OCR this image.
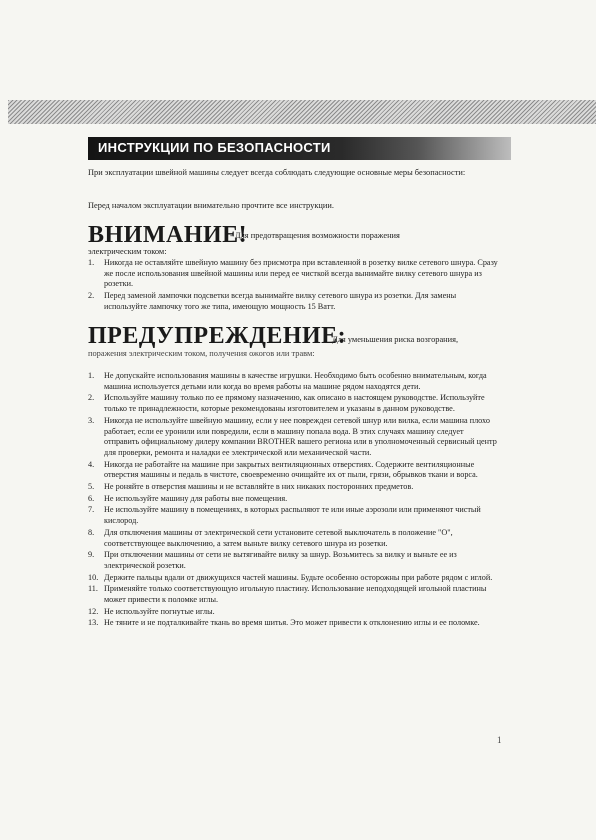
ИНСТРУКЦИИ ПО БЕЗОПАСНОСТИ
При эксплуатации швейной машины следует всегда соблюдать следующие основные меры безопасности:
Перед началом эксплуатации внимательно прочтите все инструкции.
ВНИМАНИЕ!
- Для предотвращения возможности поражения
электрическим током:
1. Никогда не оставляйте швейную машину без присмотра при вставленной в розетку вилке сетевого шнура. Сразу же после использования швейной машины или перед ее чисткой всегда вынимайте вилку сетевого шнура из розетки.
2. Перед заменой лампочки подсветки всегда вынимайте вилку сетевого шнура из розетки. Для замены используйте лампочку того же типа, имеющую мощность 15 Ватт.
ПРЕДУПРЕЖДЕНИЕ:
Для уменьшения риска возгорания,
поражения электрическим током, получения ожогов или травм:
1. Не допускайте использования машины в качестве игрушки. Необходимо быть особенно внимательным, когда машина используется детьми или когда во время работы на машине рядом находятся дети.
2. Используйте машину только по ее прямому назначению, как описано в настоящем руководстве. Используйте только те принадлежности, которые рекомендованы изготовителем и указаны в данном руководстве.
3. Никогда не используйте швейную машину, если у нее поврежден сетевой шнур или вилка, если машина плохо работает, если ее уронили или повредили, если в машину попала вода. В этих случаях машину следует отправить официальному дилеру компании BROTHER вашего региона или в уполномоченный сервисный центр для проверки, ремонта и наладки ее электрической или механической части.
4. Никогда не работайте на машине при закрытых вентиляционных отверстиях. Содержите вентиляционные отверстия машины и педаль в чистоте, своевременно очищайте их от пыли, грязи, обрывков ткани и ворса.
5. Не роняйте в отверстия машины и не вставляйте в них никаких посторонних предметов.
6. Не используйте машину для работы вне помещения.
7. Не используйте машину в помещениях, в которых распыляют те или иные аэрозоли или применяют чистый кислород.
8. Для отключения машины от электрической сети установите сетевой выключатель в положение "O", соответствующее выключению, а затем выньте вилку сетевого шнура из розетки.
9. При отключении машины от сети не вытягивайте вилку за шнур. Возьмитесь за вилку и выньте ее из электрической розетки.
10. Держите пальцы вдали от движущихся частей машины. Будьте особенно осторожны при работе рядом с иглой.
11. Применяйте только соответствующую игольную пластину. Использование неподходящей игольной пластины может привести к поломке иглы.
12. Не используйте погнутые иглы.
13. Не тяните и не подталкивайте ткань во время шитья. Это может привести к отклонению иглы и ее поломке.
1
